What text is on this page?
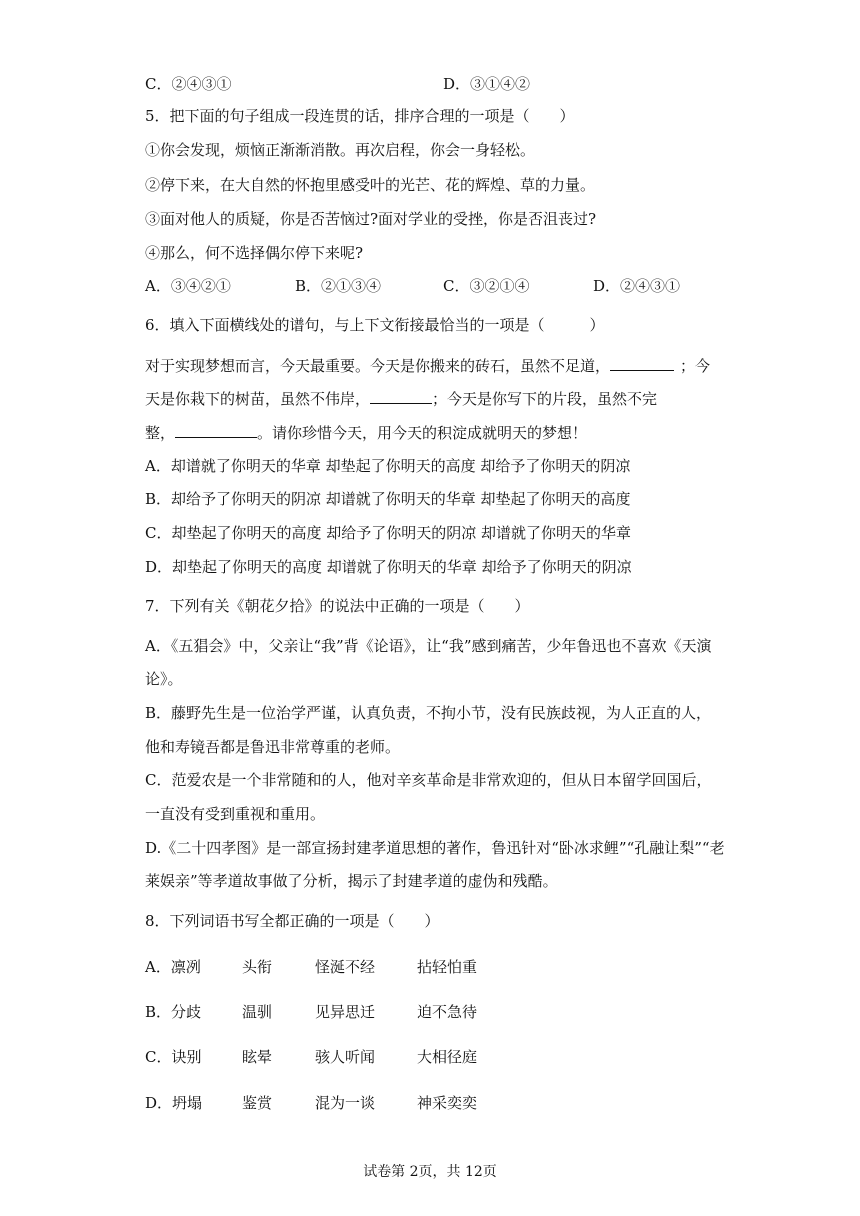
C．②④③①	D．③①④②
5．把下面的句子组成一段连贯的话，排序合理的一项是（　　）
①你会发现，烦恼正渐渐消散。再次启程，你会一身轻松。
②停下来，在大自然的怀抱里感受叶的光芒、花的辉煌、草的力量。
③面对他人的质疑，你是否苦恼过?面对学业的受挫，你是否沮丧过?
④那么，何不选择偶尔停下来呢?
A．③④②①	B．②①③④	C．③②①④	D．②④③①
6．填入下面横线处的谱句，与上下文衔接最恰当的一项是（　　　）
对于实现梦想而言，今天最重要。今天是你搬来的砖石，虽然不足道，	；今
天是你栽下的树苗，虽然不伟岸，	；今天是你写下的片段，虽然不完
整，	。请你珍惜今天，用今天的积淀成就明天的梦想！
A．却谱就了你明天的华章 却垫起了你明天的高度 却给予了你明天的阴凉
B．却给予了你明天的阴凉 却谱就了你明天的华章 却垫起了你明天的高度
C．却垫起了你明天的高度 却给予了你明天的阴凉 却谱就了你明天的华章
D．却垫起了你明天的高度 却谱就了你明天的华章 却给予了你明天的阴凉
7．下列有关《朝花夕拾》的说法中正确的一项是（　　）
A．《五猖会》中，父亲让“我”背《论语》，让“我”感到痛苦，少年鲁迅也不喜欢《天演
论》。
B．藤野先生是一位治学严谨，认真负责，不拘小节，没有民族歧视，为人正直的人，
他和寿镜吾都是鲁迅非常尊重的老师。
C．范爱农是一个非常随和的人，他对辛亥革命是非常欢迎的，但从日本留学回国后，
一直没有受到重视和重用。
D.《二十四孝图》是一部宣扬封建孝道思想的著作，鲁迅针对“卧冰求鲤”“孔融让梨”“老
莱娱亲”等孝道故事做了分析，揭示了封建孝道的虚伪和残酷。
8．下列词语书写全都正确的一项是（　　）
A．凛冽	头衔	怪涎不经	拈轻怕重
B．分歧	温驯	见异思迁	迫不急待
C．诀别	眩晕	骇人听闻	大相径庭
D．坍塌	鉴赏	混为一谈	神采奕奕
试卷第 2页，共 12页
